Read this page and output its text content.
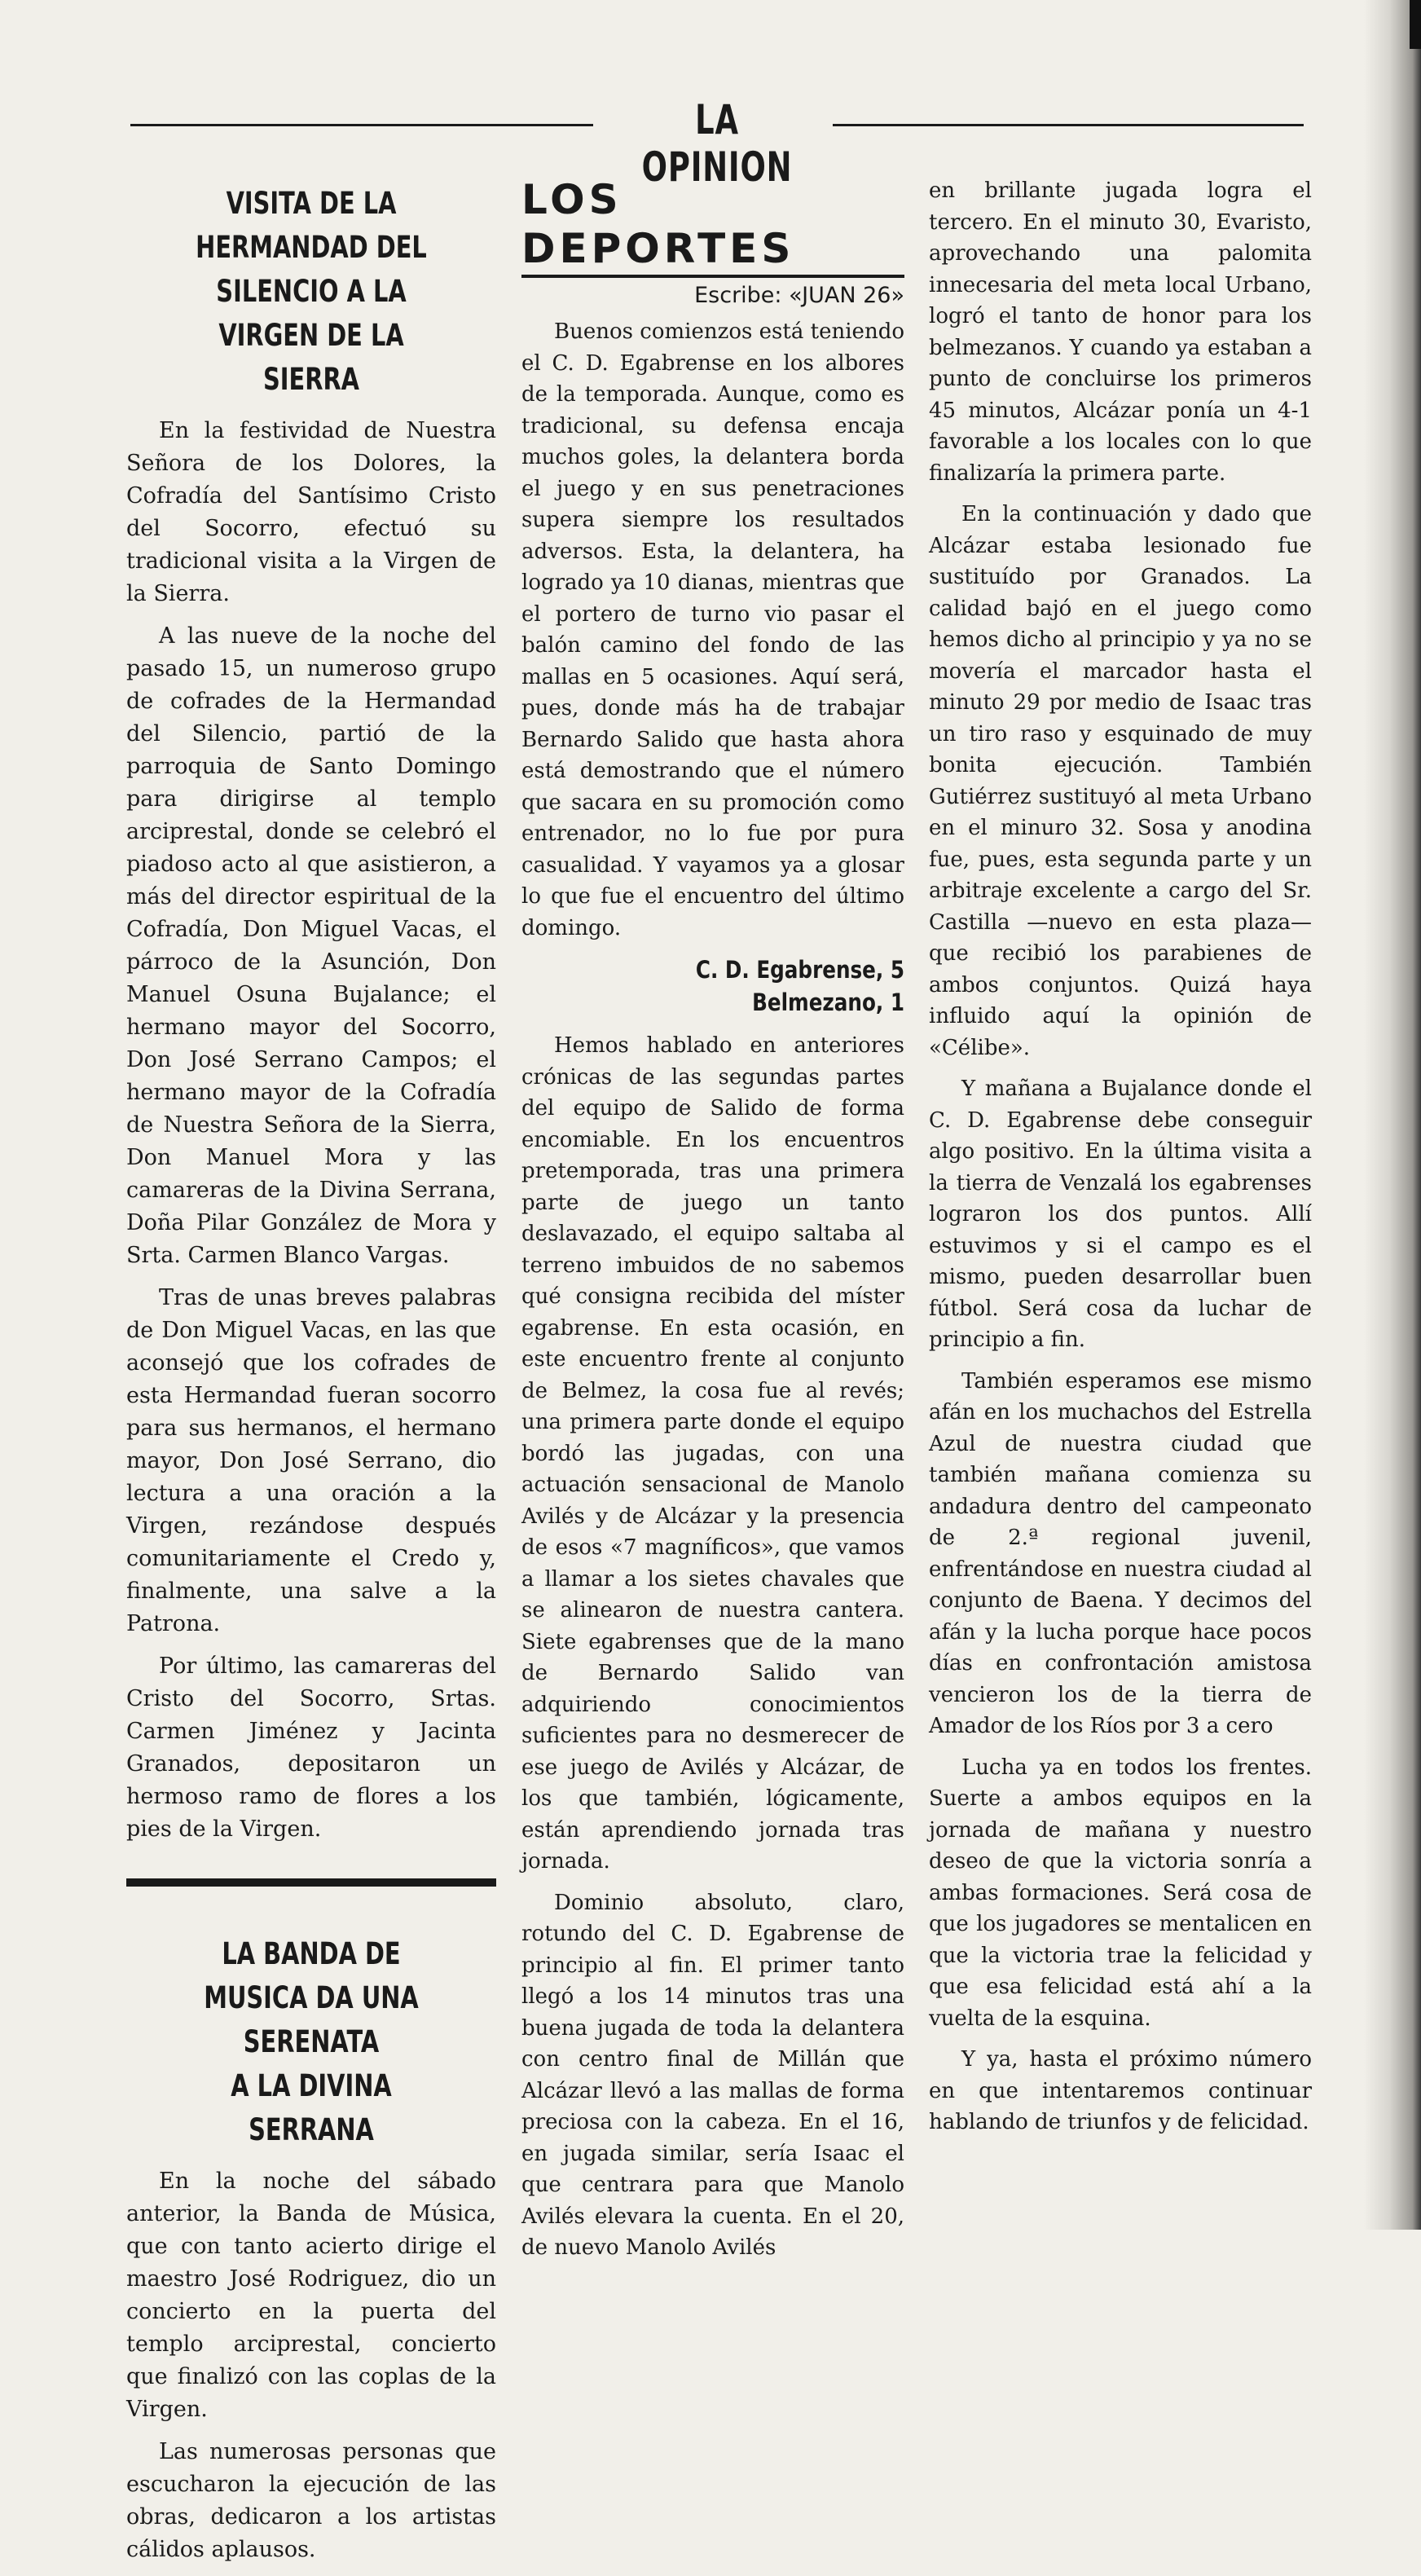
LA OPINION
VISITA DE LA HERMANDAD DEL
SILENCIO A LA VIRGEN DE LA SIERRA

En la festividad de Nuestra Señora de los Dolores, la Cofradía del Santísimo Cristo del Socorro, efectuó su tradicional visita a la Virgen de la Sierra.

A las nueve de la noche del pasado 15, un numeroso grupo de cofrades de la Hermandad del Silencio, partió de la parroquia de Santo Domingo para dirigirse al templo arciprestal, donde se celebró el piadoso acto al que asistieron, a más del director espiritual de la Cofradía, Don Miguel Vacas, el párroco de la Asunción, Don Manuel Osuna Bujalance; el hermano mayor del Socorro, Don José Serrano Campos; el hermano mayor de la Cofradía de Nuestra Señora de la Sierra, Don Manuel Mora y las camareras de la Divina Serrana, Doña Pilar González de Mora y Srta. Carmen Blanco Vargas.

Tras de unas breves palabras de Don Miguel Vacas, en las que aconsejó que los cofrades de esta Hermandad fueran socorro para sus hermanos, el hermano mayor, Don José Serrano, dio lectura a una oración a la Virgen, rezándose después comunitariamente el Credo y, finalmente, una salve a la Patrona.

Por último, las camareras del Cristo del Socorro, Srtas. Carmen Jiménez y Jacinta Granados, depositaron un hermoso ramo de flores a los pies de la Virgen.

LA BANDA DE MUSICA DA UNA SERENATA
A LA DIVINA SERRANA

En la noche del sábado anterior, la Banda de Música, que con tanto acierto dirige el maestro José Rodriguez, dio un concierto en la puerta del templo arciprestal, concierto que finalizó con las coplas de la Virgen.

Las numerosas personas que escucharon la ejecución de las obras, dedicaron a los artistas cálidos aplausos.

LOS DEPORTES
Escribe: «JUAN 26»

Buenos comienzos está teniendo el C. D. Egabrense en los albores de la temporada. Aunque, como es tradicional, su defensa encaja muchos goles, la delantera borda el juego y en sus penetraciones supera siempre los resultados adversos. Esta, la delantera, ha logrado ya 10 dianas, mientras que el portero de turno vio pasar el balón camino del fondo de las mallas en 5 ocasiones. Aquí será, pues, donde más ha de trabajar Bernardo Salido que hasta ahora está demostrando que el número que sacara en su promoción como entrenador, no lo fue por pura casualidad. Y vayamos ya a glosar lo que fue el encuentro del último domingo.

C. D. Egabrense, 5
Belmezano, 1

Hemos hablado en anteriores crónicas de las segundas partes del equipo de Salido de forma encomiable. En los encuentros pretemporada, tras una primera parte de juego un tanto deslavazado, el equipo saltaba al terreno imbuidos de no sabemos qué consigna recibida del míster egabrense. En esta ocasión, en este encuentro frente al conjunto de Belmez, la cosa fue al revés; una primera parte donde el equipo bordó las jugadas, con una actuación sensacional de Manolo Avilés y de Alcázar y la presencia de esos «7 magníficos», que vamos a llamar a los sietes chavales que se alinearon de nuestra cantera. Siete egabrenses que de la mano de Bernardo Salido van adquiriendo conocimientos suficientes para no desmerecer de ese juego de Avilés y Alcázar, de los que también, lógicamente, están aprendiendo jornada tras jornada.

Dominio absoluto, claro, rotundo del C. D. Egabrense de principio al fin. El primer tanto llegó a los 14 minutos tras una buena jugada de toda la delantera con centro final de Millán que Alcázar llevó a las mallas de forma preciosa con la cabeza. En el 16, en jugada similar, sería Isaac el que centrara para que Manolo Avilés elevara la cuenta. En el 20, de nuevo Manolo Avilés

en brillante jugada logra el tercero. En el minuto 30, Evaristo, aprovechando una palomita innecesaria del meta local Urbano, logró el tanto de honor para los belmezanos. Y cuando ya estaban a punto de concluirse los primeros 45 minutos, Alcázar ponía un 4-1 favorable a los locales con lo que finalizaría la primera parte.

En la continuación y dado que Alcázar estaba lesionado fue sustituído por Granados. La calidad bajó en el juego como hemos dicho al principio y ya no se movería el marcador hasta el minuto 29 por medio de Isaac tras un tiro raso y esquinado de muy bonita ejecución. También Gutiérrez sustituyó al meta Urbano en el minuro 32. Sosa y anodina fue, pues, esta segunda parte y un arbitraje excelente a cargo del Sr. Castilla —nuevo en esta plaza— que recibió los parabienes de ambos conjuntos. Quizá haya influido aquí la opinión de «Célibe».

Y mañana a Bujalance donde el C. D. Egabrense debe conseguir algo positivo. En la última visita a la tierra de Venzalá los egabrenses lograron los dos puntos. Allí estuvimos y si el campo es el mismo, pueden desarrollar buen fútbol. Será cosa da luchar de principio a fin.

También esperamos ese mismo afán en los muchachos del Estrella Azul de nuestra ciudad que también mañana comienza su andadura dentro del campeonato de 2.ª regional juvenil, enfrentándose en nuestra ciudad al conjunto de Baena. Y decimos del afán y la lucha porque hace pocos días en confrontación amistosa vencieron los de la tierra de Amador de los Ríos por 3 a cero

Lucha ya en todos los frentes. Suerte a ambos equipos en la jornada de mañana y nuestro deseo de que la victoria sonría a ambas formaciones. Será cosa de que los jugadores se mentalicen en que la victoria trae la felicidad y que esa felicidad está ahí a la vuelta de la esquina.

Y ya, hasta el próximo número en que intentaremos continuar hablando de triunfos y de felicidad.
